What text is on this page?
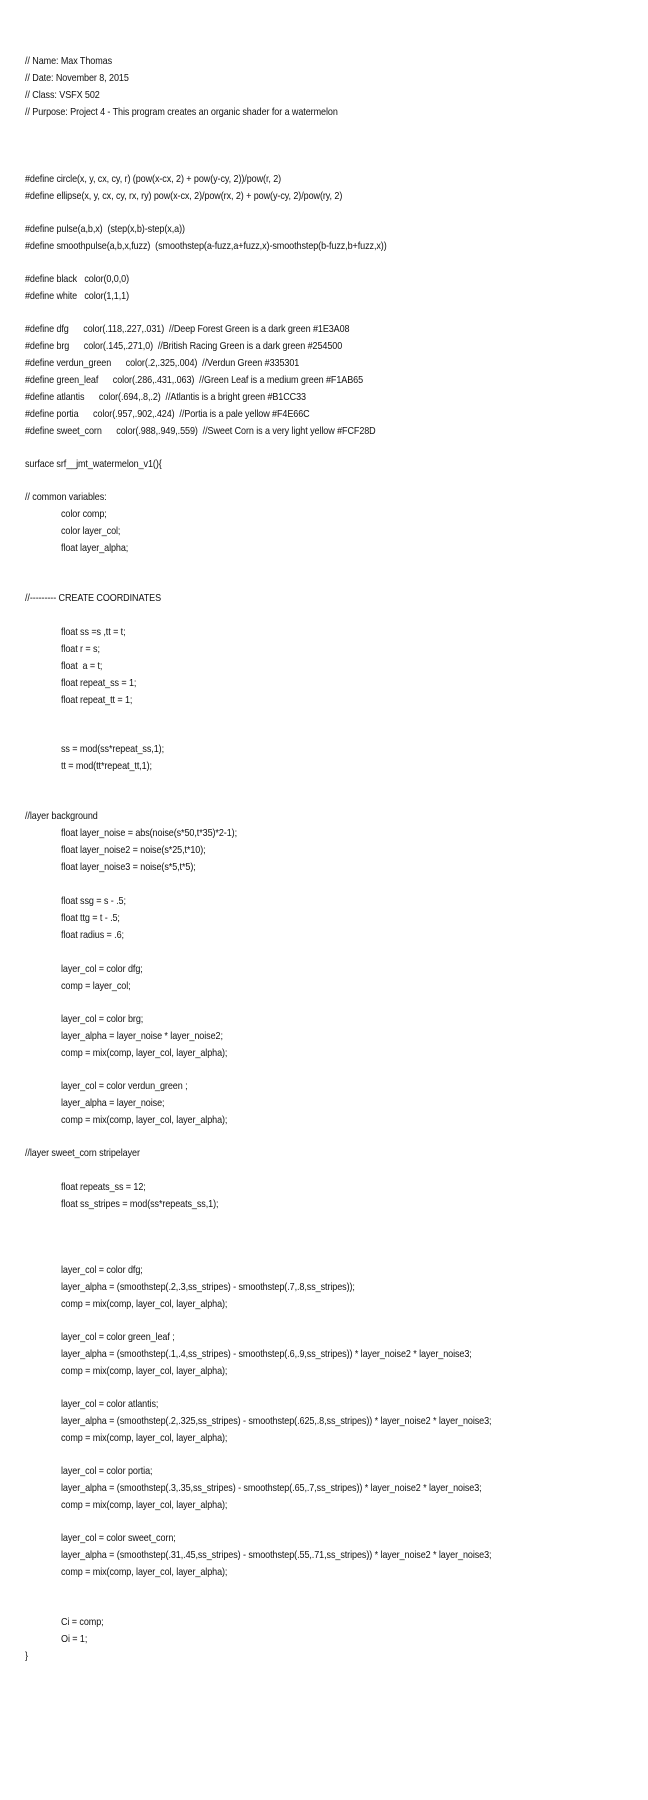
// Name: Max Thomas
// Date: November 8, 2015
// Class: VSFX 502
// Purpose: Project 4 - This program creates an organic shader for a watermelon
#define circle(x, y, cx, cy, r) (pow(x-cx, 2) + pow(y-cy, 2))/pow(r, 2)
#define ellipse(x, y, cx, cy, rx, ry) pow(x-cx, 2)/pow(rx, 2) + pow(y-cy, 2)/pow(ry, 2)
#define pulse(a,b,x)  (step(x,b)-step(x,a))
#define smoothpulse(a,b,x,fuzz)  (smoothstep(a-fuzz,a+fuzz,x)-smoothstep(b-fuzz,b+fuzz,x))
#define black   color(0,0,0)
#define white   color(1,1,1)
#define dfg      color(.118,.227,.031)  //Deep Forest Green is a dark green #1E3A08
#define brg      color(.145,.271,0)  //British Racing Green is a dark green #254500
#define verdun_green      color(.2,.325,.004)  //Verdun Green #335301
#define green_leaf      color(.286,.431,.063)  //Green Leaf is a medium green #F1AB65
#define atlantis      color(.694,.8,.2)  //Atlantis is a bright green #B1CC33
#define portia      color(.957,.902,.424)  //Portia is a pale yellow #F4E66C
#define sweet_corn      color(.988,.949,.559)  //Sweet Corn is a very light yellow #FCF28D
surface srf__jmt_watermelon_v1(){
// common variables:
color comp;
color layer_col;
float layer_alpha;
//--------- CREATE COORDINATES
float ss =s ,tt = t;
float r = s;
float  a = t;
float repeat_ss = 1;
float repeat_tt = 1;
ss = mod(ss*repeat_ss,1);
tt = mod(tt*repeat_tt,1);
//layer background
float layer_noise = abs(noise(s*50,t*35)*2-1);
float layer_noise2 = noise(s*25,t*10);
float layer_noise3 = noise(s*5,t*5);
float ssg = s - .5;
float ttg = t - .5;
float radius = .6;
layer_col = color dfg;
comp = layer_col;
layer_col = color brg;
layer_alpha = layer_noise * layer_noise2;
comp = mix(comp, layer_col, layer_alpha);
layer_col = color verdun_green ;
layer_alpha = layer_noise;
comp = mix(comp, layer_col, layer_alpha);
//layer sweet_corn stripelayer
float repeats_ss = 12;
float ss_stripes = mod(ss*repeats_ss,1);
layer_col = color dfg;
layer_alpha = (smoothstep(.2,.3,ss_stripes) - smoothstep(.7,.8,ss_stripes));
comp = mix(comp, layer_col, layer_alpha);
layer_col = color green_leaf ;
layer_alpha = (smoothstep(.1,.4,ss_stripes) - smoothstep(.6,.9,ss_stripes)) * layer_noise2 * layer_noise3;
comp = mix(comp, layer_col, layer_alpha);
layer_col = color atlantis;
layer_alpha = (smoothstep(.2,.325,ss_stripes) - smoothstep(.625,.8,ss_stripes)) * layer_noise2 * layer_noise3;
comp = mix(comp, layer_col, layer_alpha);
layer_col = color portia;
layer_alpha = (smoothstep(.3,.35,ss_stripes) - smoothstep(.65,.7,ss_stripes)) * layer_noise2 * layer_noise3;
comp = mix(comp, layer_col, layer_alpha);
layer_col = color sweet_corn;
layer_alpha = (smoothstep(.31,.45,ss_stripes) - smoothstep(.55,.71,ss_stripes)) * layer_noise2 * layer_noise3;
comp = mix(comp, layer_col, layer_alpha);
Ci = comp;
Oi = 1;
}
